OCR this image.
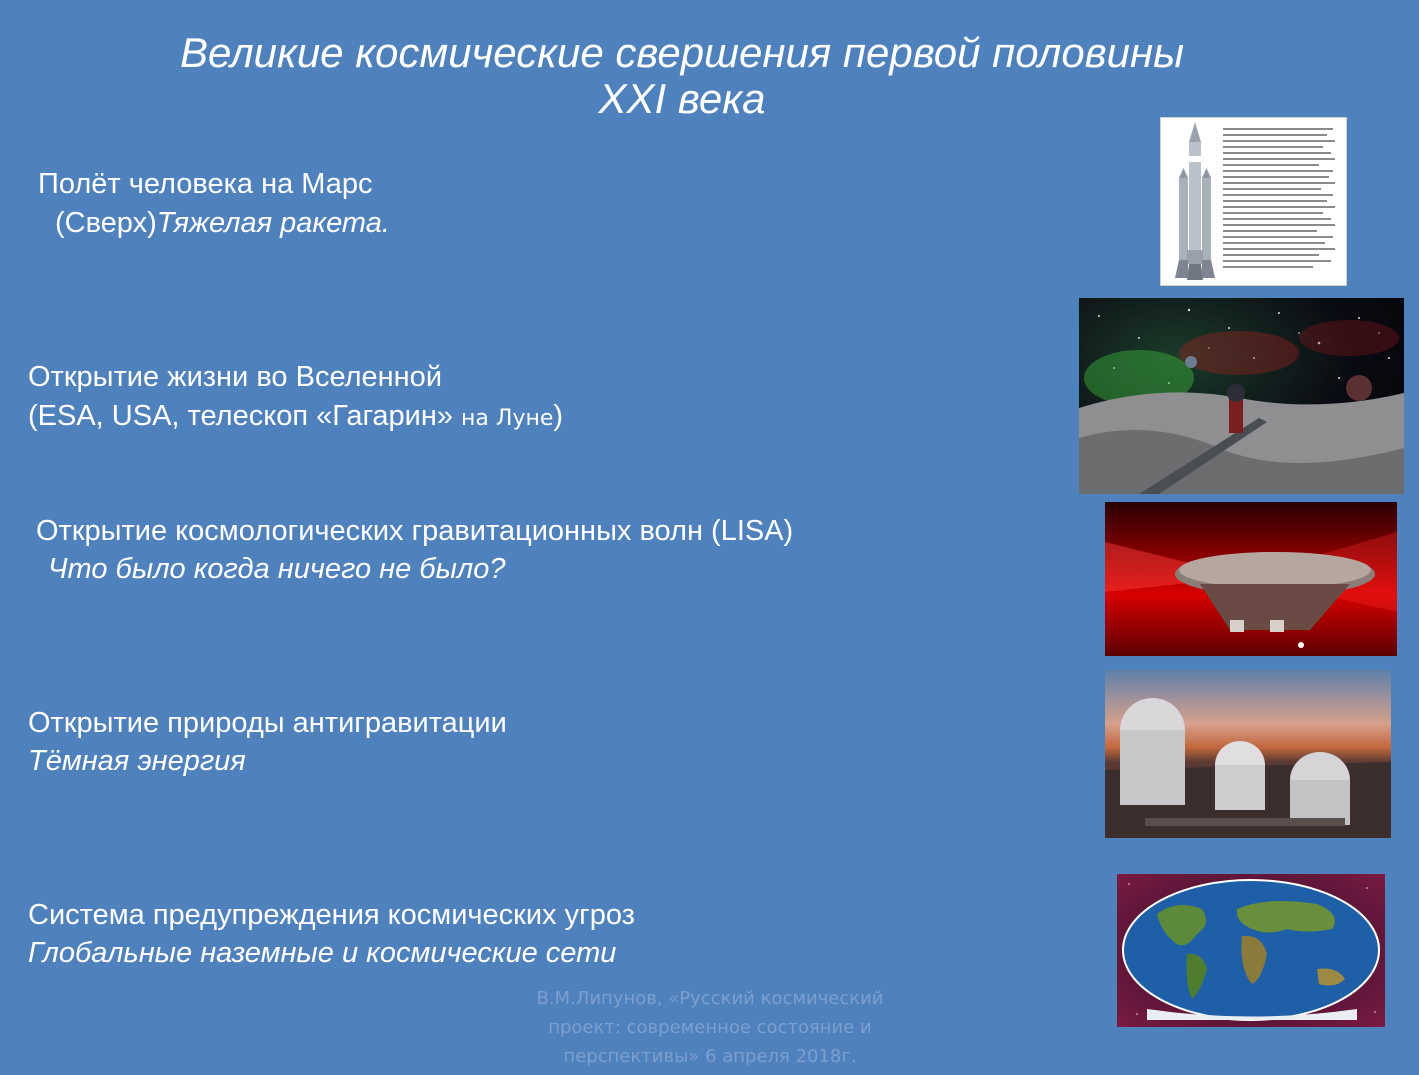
Великие космические свершения первой половины
XXI века
Полёт человека на Марс
(Сверх)Тяжелая ракета.
Открытие жизни во Вселенной
(ESA, USA, телескоп «Гагарин» на Луне)
Открытие космологических гравитационных волн (LISA)
Что было когда ничего не было?
Открытие природы антигравитации
Тёмная энергия
Система предупреждения космических угроз
Глобальные наземные и космические сети
В.М.Липунов, «Русский космический
проект: современное состояние и
перспективы» 6 апреля 2018г.
